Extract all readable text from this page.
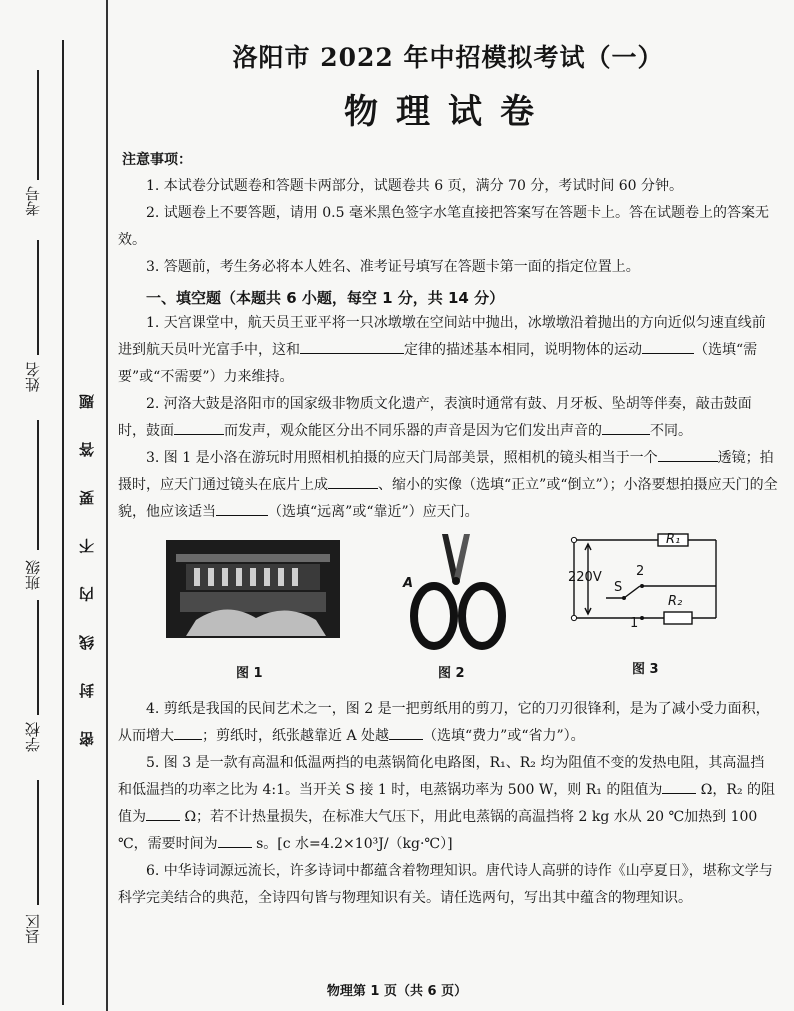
考号
姓名
班级
学校
县区
密 封 线 内 不 要 答 题
洛阳市 2022 年中招模拟考试（一）
物理试卷
注意事项：

1. 本试卷分试题卷和答题卡两部分，试题卷共 6 页，满分 70 分，考试时间 60 分钟。

2. 试题卷上不要答题，请用 0.5 毫米黑色签字水笔直接把答案写在答题卡上。答在试题卷上的答案无效。

3. 答题前，考生务必将本人姓名、准考证号填写在答题卡第一面的指定位置上。

一、填空题（本题共 6 小题，每空 1 分，共 14 分）

1. 天宫课堂中，航天员王亚平将一只冰墩墩在空间站中抛出，冰墩墩沿着抛出的方向近似匀速直线前进到航天员叶光富手中，这和	定律的描述基本相同，说明物体的运动	（选填“需要”或“不需要”）力来维持。

2. 河洛大鼓是洛阳市的国家级非物质文化遗产，表演时通常有鼓、月牙板、坠胡等伴奏，敲击鼓面时，鼓面	而发声，观众能区分出不同乐器的声音是因为它们发出声音的	不同。

3. 图 1 是小洛在游玩时用照相机拍摄的应天门局部美景，照相机的镜头相当于一个	透镜；拍摄时，应天门通过镜头在底片上成	、缩小的实像（选填“正立”或“倒立”）；小洛要想拍摄应天门的全貌，他应该适当	（选填“远离”或“靠近”）应天门。

图 1
A
图 2
220V
R₁
R₂
S
2
1
图 3

4. 剪纸是我国的民间艺术之一，图 2 是一把剪纸用的剪刀，它的刀刃很锋利，是为了减小受力面积，从而增大 ；剪纸时，纸张越靠近 A 处越 （选填“费力”或“省力”）。

5. 图 3 是一款有高温和低温两挡的电蒸锅简化电路图，R₁、R₂ 均为阻值不变的发热电阻，其高温挡和低温挡的功率之比为 4:1。当开关 S 接 1 时，电蒸锅功率为 500 W，则 R₁ 的阻值为 Ω，R₂ 的阻值为 Ω；若不计热量损失，在标准大气压下，用此电蒸锅的高温挡将 2 kg 水从 20 ℃加热到 100 ℃，需要时间为 s。[c 水=4.2×10³J/（kg·℃）]

6. 中华诗词源远流长，许多诗词中都蕴含着物理知识。唐代诗人高骈的诗作《山亭夏日》，堪称文学与科学完美结合的典范，全诗四句皆与物理知识有关。请任选两句，写出其中蕴含的物理知识。

物理第 1 页（共 6 页）
